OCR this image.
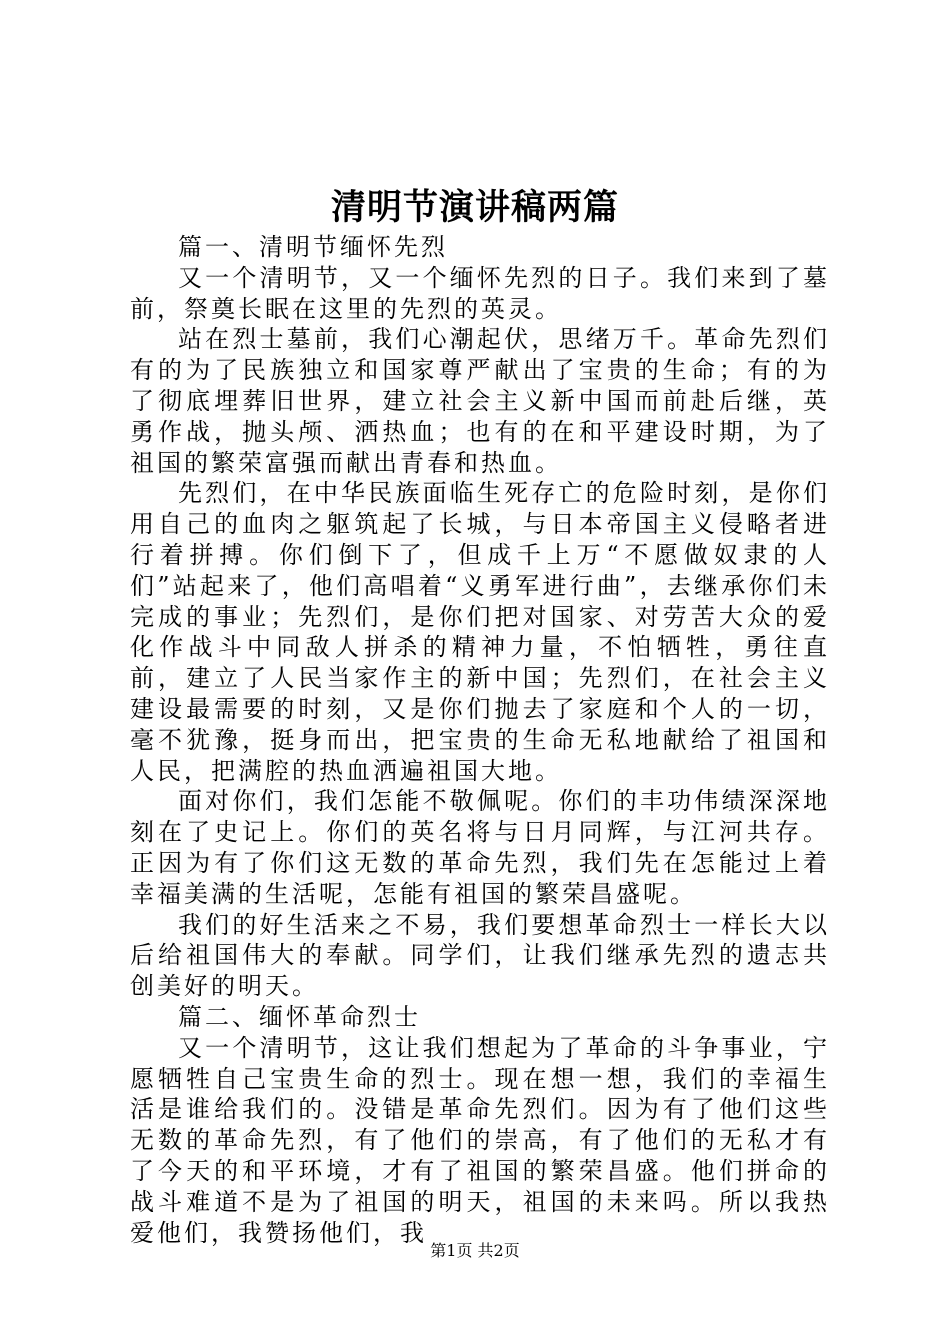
清明节演讲稿两篇

篇一、清明节缅怀先烈

又一个清明节，又一个缅怀先烈的日子。我们来到了墓前，祭奠长眠在这里的先烈的英灵。

站在烈士墓前，我们心潮起伏，思绪万千。革命先烈们有的为了民族独立和国家尊严献出了宝贵的生命；有的为了彻底埋葬旧世界，建立社会主义新中国而前赴后继，英勇作战，抛头颅、洒热血；也有的在和平建设时期，为了祖国的繁荣富强而献出青春和热血。

先烈们，在中华民族面临生死存亡的危险时刻，是你们用自己的血肉之躯筑起了长城，与日本帝国主义侵略者进行着拼搏。你们倒下了，但成千上万“不愿做奴隶的人们”站起来了，他们高唱着“义勇军进行曲”，去继承你们未完成的事业；先烈们，是你们把对国家、对劳苦大众的爱化作战斗中同敌人拼杀的精神力量，不怕牺牲，勇往直前，建立了人民当家作主的新中国；先烈们，在社会主义建设最需要的时刻，又是你们抛去了家庭和个人的一切，毫不犹豫，挺身而出，把宝贵的生命无私地献给了祖国和人民，把满腔的热血洒遍祖国大地。

面对你们，我们怎能不敬佩呢。你们的丰功伟绩深深地刻在了史记上。你们的英名将与日月同辉，与江河共存。正因为有了你们这无数的革命先烈，我们先在怎能过上着幸福美满的生活呢，怎能有祖国的繁荣昌盛呢。

我们的好生活来之不易，我们要想革命烈士一样长大以后给祖国伟大的奉献。同学们，让我们继承先烈的遗志共创美好的明天。

篇二、缅怀革命烈士

又一个清明节，这让我们想起为了革命的斗争事业，宁愿牺牲自己宝贵生命的烈士。现在想一想，我们的幸福生活是谁给我们的。没错是革命先烈们。因为有了他们这些无数的革命先烈，有了他们的崇高，有了他们的无私才有了今天的和平环境，才有了祖国的繁荣昌盛。他们拼命的战斗难道不是为了祖国的明天，祖国的未来吗。所以我热爱他们，我赞扬他们，我

第1页 共2页
